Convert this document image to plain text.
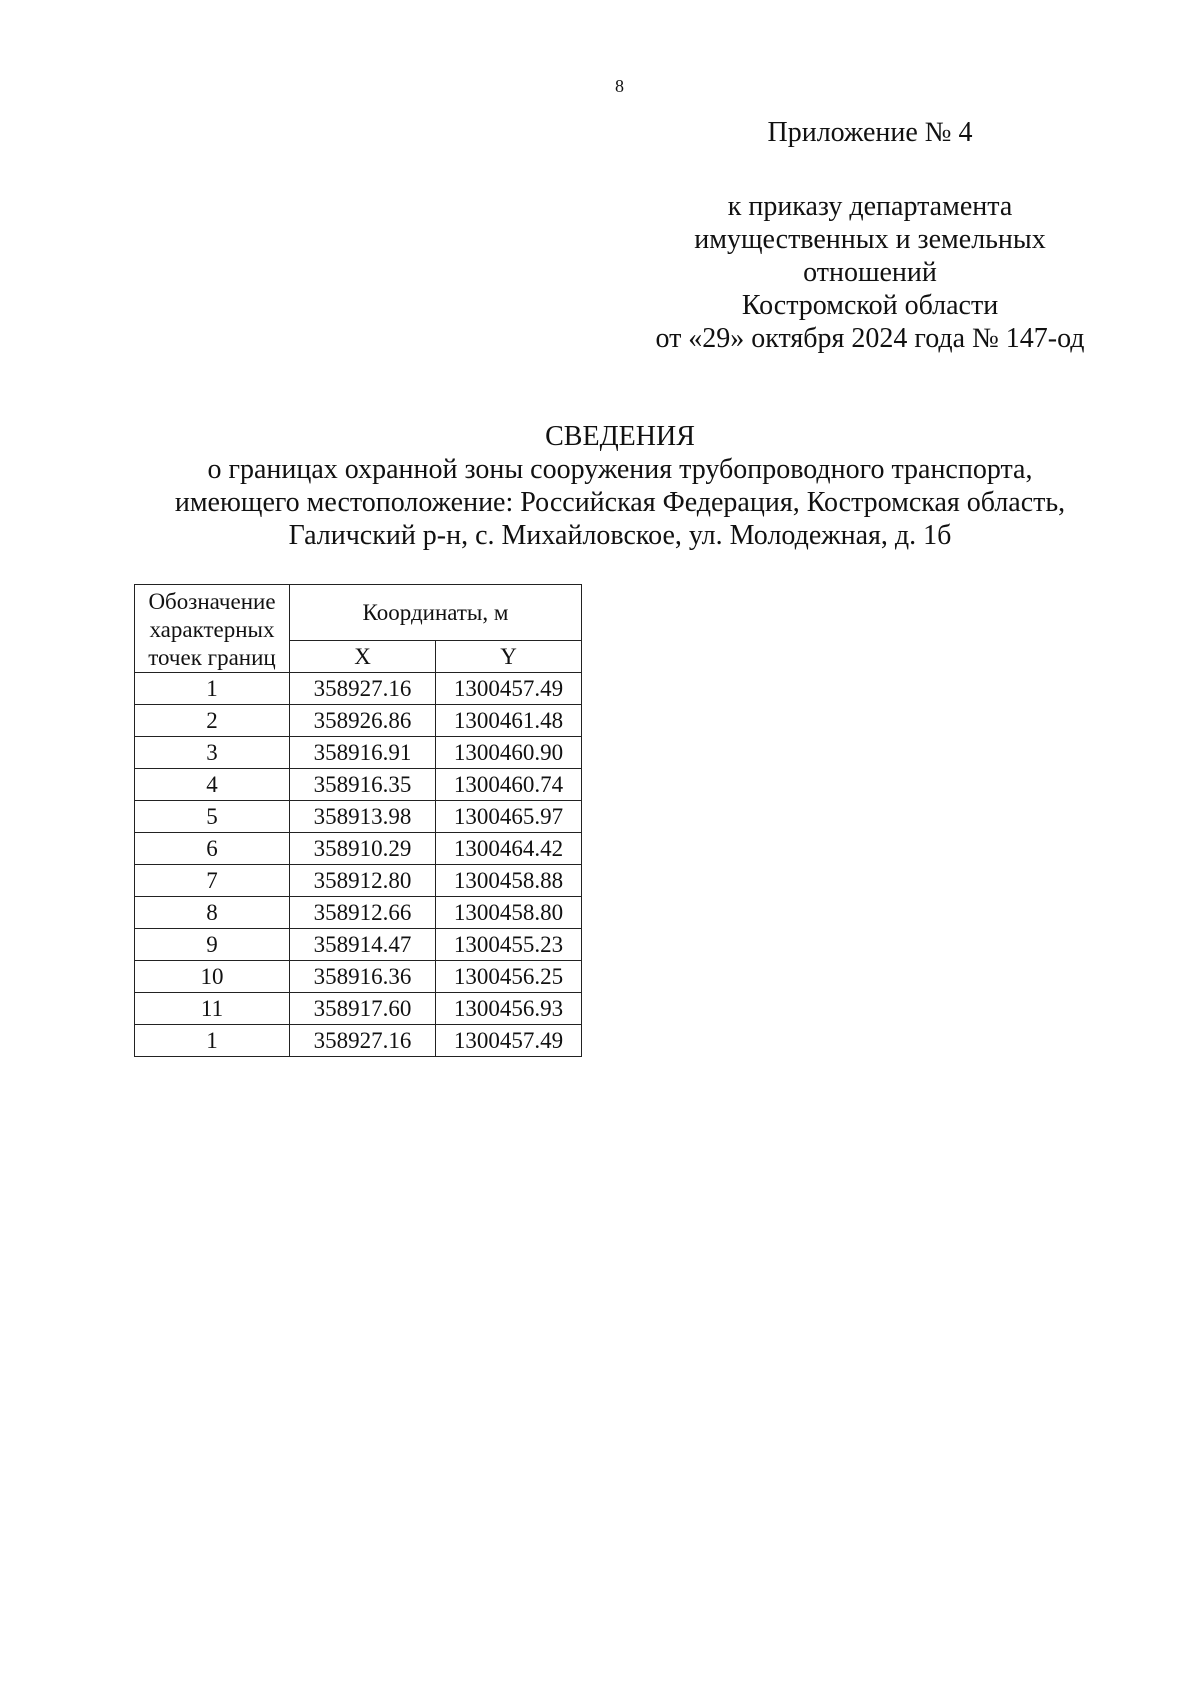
8
Приложение № 4
к приказу департамента
имущественных и земельных
отношений
Костромской области
от «29» октября 2024 года № 147-од
СВЕДЕНИЯ
о границах охранной зоны сооружения трубопроводного транспорта,
имеющего местоположение: Российская Федерация, Костромская область,
Галичский р-н, с. Михайловское, ул. Молодежная, д. 1б
Обозначение характерных точек границ	Координаты, м	
	X	Y
1	358927.16	1300457.49
2	358926.86	1300461.48
3	358916.91	1300460.90
4	358916.35	1300460.74
5	358913.98	1300465.97
6	358910.29	1300464.42
7	358912.80	1300458.88
8	358912.66	1300458.80
9	358914.47	1300455.23
10	358916.36	1300456.25
11	358917.60	1300456.93
1	358927.16	1300457.49
